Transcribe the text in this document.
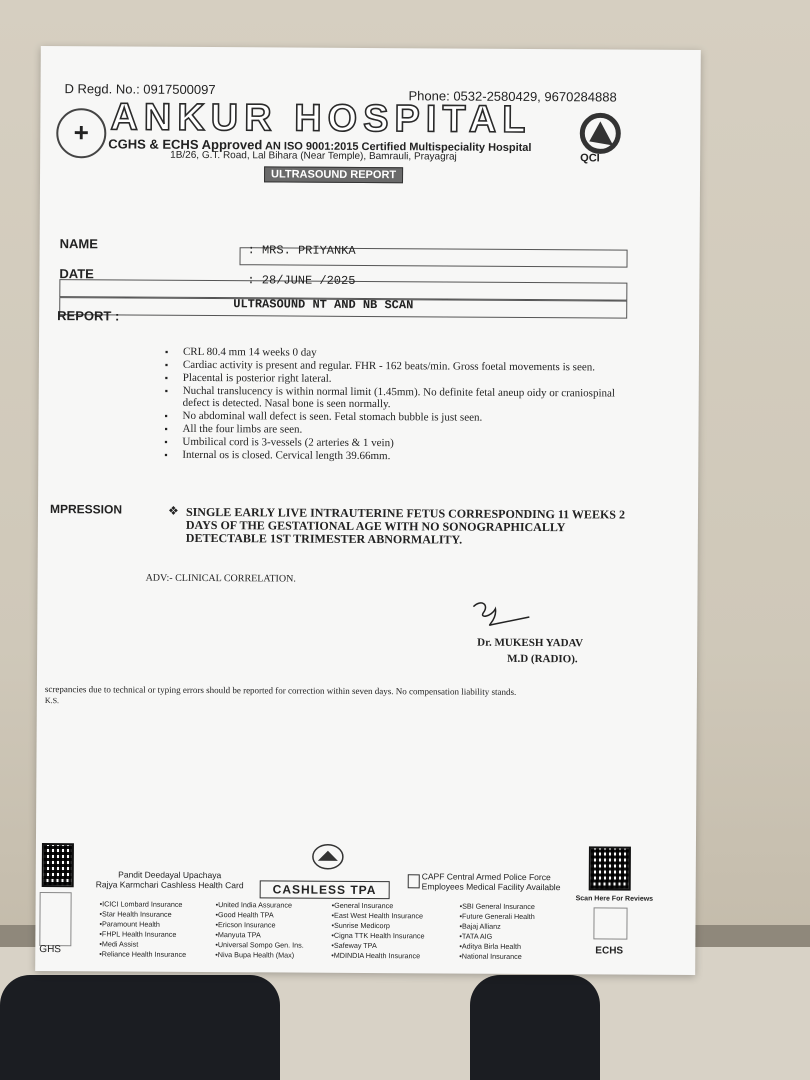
D Regd. No.: 0917500097	Phone: 0532-2580429, 9670284888
+ ANKUR HOSPITAL
QCI
CGHS & ECHS Approved AN ISO 9001:2015 Certified Multispeciality Hospital
1B/26, G.T. Road, Lal Bihara (Near Temple), Bamrauli, Prayagraj
ULTRASOUND REPORT
NAME	: MRS. PRIYANKA
DATE	: 28/JUNE /2025
ULTRASOUND NT AND NB SCAN
REPORT :
▪ CRL 80.4 mm 14 weeks 0 day
▪ Cardiac activity is present and regular. FHR - 162 beats/min. Gross foetal movements is seen.
▪ Placental is posterior right lateral.
▪ Nuchal translucency is within normal limit (1.45mm). No definite fetal aneup oidy or craniospinal defect is detected. Nasal bone is seen normally.
▪ No abdominal wall defect is seen. Fetal stomach bubble is just seen.
▪ All the four limbs are seen.
▪ Umbilical cord is 3-vessels (2 arteries & 1 vein)
▪ Internal os is closed. Cervical length 39.66mm.
MPRESSION	❖ SINGLE EARLY LIVE INTRAUTERINE FETUS CORRESPONDING 11 WEEKS 2 DAYS OF THE GESTATIONAL AGE WITH NO SONOGRAPHICALLY DETECTABLE 1ST TRIMESTER ABNORMALITY.
ADV:- CLINICAL CORRELATION.
Dr. MUKESH YADAV
M.D (RADIO).
screpancies due to technical or typing errors should be reported for correction within seven days. No compensation liability stands.
K.S.
Scan Here For Reviews
Pandit Deedayal Upachaya
Rajya Karmchari Cashless Health Card	CASHLESS TPA
CAPF Central Armed Police Force
Employees Medical Facility Available
GHS	ECHS
• ICICI Lombard Insurance
• Star Health Insurance
• Paramount Health
• FHPL Health Insurance
• Medi Assist
• Reliance Health Insurance
• United India Assurance
• Good Health TPA
• Ericson Insurance
• Manyuta TPA
• Universal Sompo Gen. Ins.
• Niva Bupa Health (Max)
• General Insurance
• East West Health Insurance
• Sunrise Medicorp
• Cigna TTK Health Insurance
• Safeway TPA
• MDINDIA Health Insurance
• SBI General Insurance
• Future Generali Health
• Bajaj Allianz
• TATA AIG
• Aditya Birla Health
• National Insurance
